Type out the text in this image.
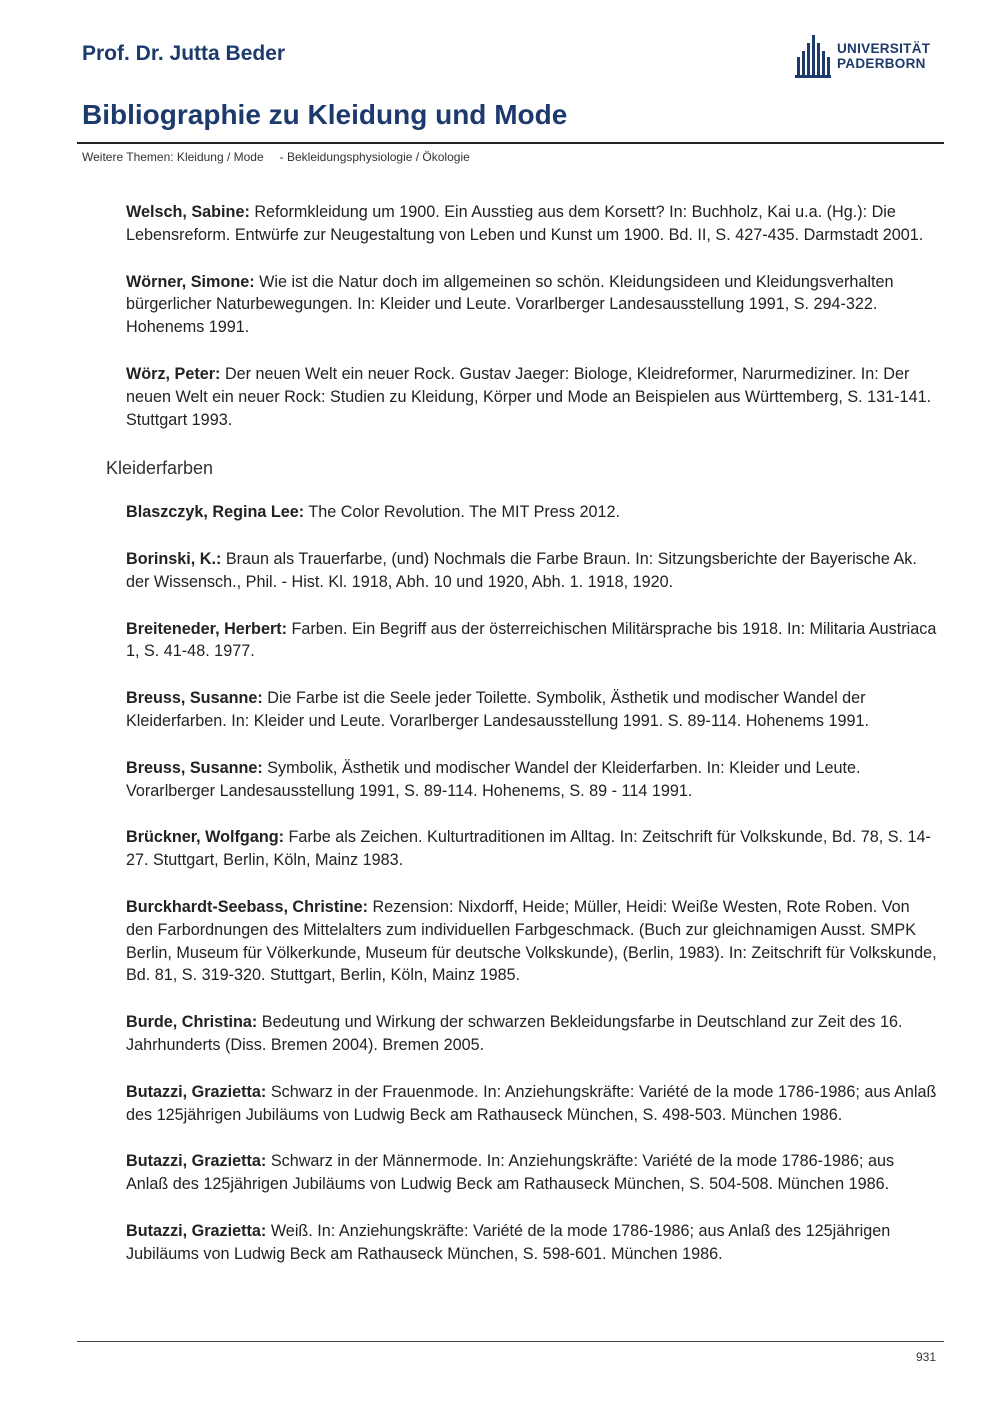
Prof. Dr. Jutta Beder	UNIVERSITÄT
PADERBORN
Bibliographie zu Kleidung und Mode
Weitere Themen: Kleidung / Mode - Bekleidungsphysiologie / Ökologie

Welsch, Sabine: Reformkleidung um 1900. Ein Ausstieg aus dem Korsett? In: Buchholz, Kai u.a. (Hg.): Die Lebensreform. Entwürfe zur Neugestaltung von Leben und Kunst um 1900. Bd. II, S. 427-435. Darmstadt 2001.

Wörner, Simone: Wie ist die Natur doch im allgemeinen so schön. Kleidungsideen und Kleidungsverhalten bürgerlicher Naturbewegungen. In: Kleider und Leute. Vorarlberger Landesausstellung 1991, S. 294-322. Hohenems 1991.

Wörz, Peter: Der neuen Welt ein neuer Rock. Gustav Jaeger: Biologe, Kleidreformer, Narurmediziner. In: Der neuen Welt ein neuer Rock: Studien zu Kleidung, Körper und Mode an Beispielen aus Württemberg, S. 131-141. Stuttgart 1993.

Kleiderfarben

Blaszczyk, Regina Lee: The Color Revolution. The MIT Press 2012.

Borinski, K.: Braun als Trauerfarbe, (und) Nochmals die Farbe Braun. In: Sitzungsberichte der Bayerische Ak. der Wissensch., Phil. - Hist. Kl. 1918, Abh. 10 und 1920, Abh. 1. 1918, 1920.

Breiteneder, Herbert: Farben. Ein Begriff aus der österreichischen Militärsprache bis 1918. In: Militaria Austriaca 1, S. 41-48. 1977.

Breuss, Susanne: Die Farbe ist die Seele jeder Toilette. Symbolik, Ästhetik und modischer Wandel der Kleiderfarben. In: Kleider und Leute. Vorarlberger Landesausstellung 1991. S. 89-114. Hohenems 1991.

Breuss, Susanne: Symbolik, Ästhetik und modischer Wandel der Kleiderfarben. In: Kleider und Leute. Vorarlberger Landesausstellung 1991, S. 89-114. Hohenems, S. 89 - 114 1991.

Brückner, Wolfgang: Farbe als Zeichen. Kulturtraditionen im Alltag. In: Zeitschrift für Volkskunde, Bd. 78, S. 14-27. Stuttgart, Berlin, Köln, Mainz 1983.

Burckhardt-Seebass, Christine: Rezension: Nixdorff, Heide; Müller, Heidi: Weiße Westen, Rote Roben. Von den Farbordnungen des Mittelalters zum individuellen Farbgeschmack. (Buch zur gleichnamigen Ausst. SMPK Berlin, Museum für Völkerkunde, Museum für deutsche Volkskunde), (Berlin, 1983). In: Zeitschrift für Volkskunde, Bd. 81, S. 319-320. Stuttgart, Berlin, Köln, Mainz 1985.

Burde, Christina: Bedeutung und Wirkung der schwarzen Bekleidungsfarbe in Deutschland zur Zeit des 16. Jahrhunderts (Diss. Bremen 2004). Bremen 2005.

Butazzi, Grazietta: Schwarz in der Frauenmode. In: Anziehungskräfte: Variété de la mode 1786-1986; aus Anlaß des 125jährigen Jubiläums von Ludwig Beck am Rathauseck München, S. 498-503. München 1986.

Butazzi, Grazietta: Schwarz in der Männermode. In: Anziehungskräfte: Variété de la mode 1786-1986; aus Anlaß des 125jährigen Jubiläums von Ludwig Beck am Rathauseck München, S. 504-508. München 1986.

Butazzi, Grazietta: Weiß. In: Anziehungskräfte: Variété de la mode 1786-1986; aus Anlaß des 125jährigen Jubiläums von Ludwig Beck am Rathauseck München, S. 598-601. München 1986.

931
